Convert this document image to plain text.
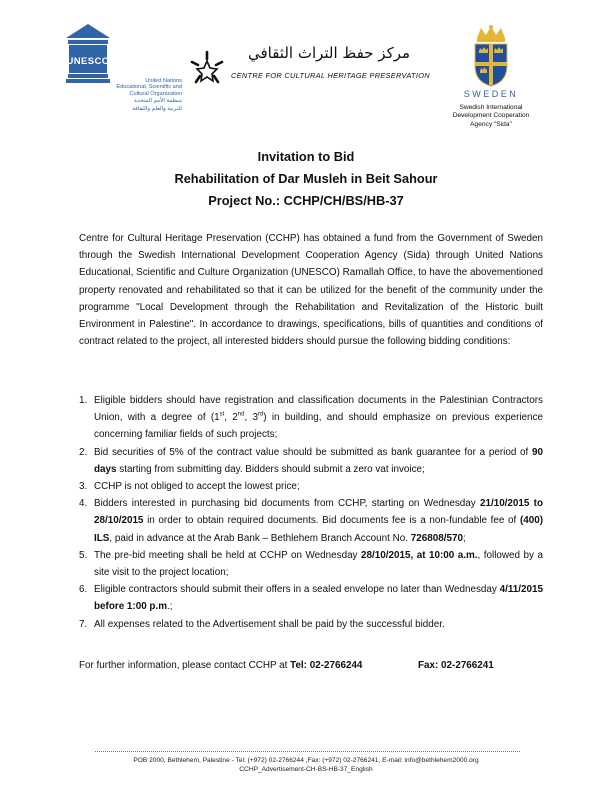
UNESCO
United Nations
Educational, Scientific and
Cultural Organization
منظمة الأمم المتحدة
للتربية والعلم والثقافة
مركز حفظ التراث الثقافي
CENTRE FOR CULTURAL HERITAGE PRESERVATION
SWEDEN
Swedish International
Development Cooperation
Agency "Sida"
Invitation to Bid
Rehabilitation of Dar Musleh in Beit Sahour
Project No.: CCHP/CH/BS/HB-37
Centre for Cultural Heritage Preservation (CCHP) has obtained a fund from the Government of Sweden through the Swedish International Development Cooperation Agency (Sida) through United Nations Educational, Scientific and Culture Organization (UNESCO) Ramallah Office, to have the abovementioned property renovated and rehabilitated so that it can be utilized for the benefit of the community under the programme "Local Development through the Rehabilitation and Revitalization of the Historic built Environment in Palestine". In accordance to drawings, specifications, bills of quantities and conditions of contract related to the project, all interested bidders should pursue the following bidding conditions:
1. Eligible bidders should have registration and classification documents in the Palestinian Contractors Union, with a degree of (1st, 2nd, 3rd) in building, and should emphasize on previous experience concerning familiar fields of such projects;
2. Bid securities of 5% of the contract value should be submitted as bank guarantee for a period of 90 days starting from submitting day. Bidders should submit a zero vat invoice;
3. CCHP is not obliged to accept the lowest price;
4. Bidders interested in purchasing bid documents from CCHP, starting on Wednesday 21/10/2015 to 28/10/2015 in order to obtain required documents. Bid documents fee is a non-fundable fee of (400) ILS, paid in advance at the Arab Bank – Bethlehem Branch Account No. 726808/570;
5. The pre-bid meeting shall be held at CCHP on Wednesday 28/10/2015, at 10:00 a.m., followed by a site visit to the project location;
6. Eligible contractors should submit their offers in a sealed envelope no later than Wednesday 4/11/2015 before 1:00 p.m.;
7. All expenses related to the Advertisement shall be paid by the successful bidder.
For further information, please contact CCHP at Tel: 02-2766244	Fax: 02-2766241
POB 2000, Bethlehem, Palestine - Tel: (+972) 02-2766244 ,Fax: (+972) 02-2766241, E-mail: info@bethlehem2000.org
CCHP_Advertisement-CH-BS-HB-37_English
